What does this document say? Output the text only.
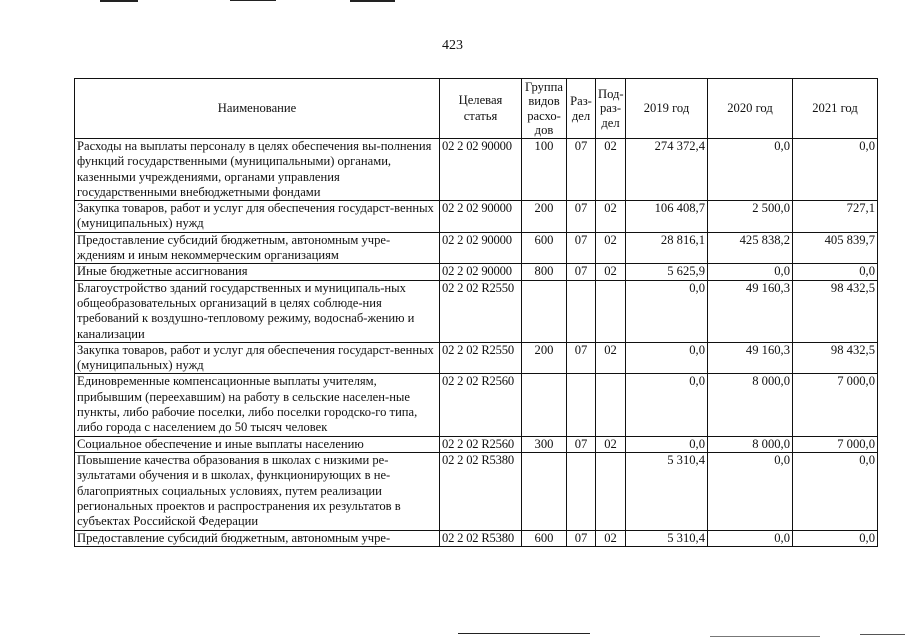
423
Наименование	Целевая статья	Группа видов расхо-дов	Раз-дел	Под-раз-дел	2019 год	2020 год	2021 год
Расходы на выплаты персоналу в целях обеспечения вы-полнения функций государственными (муниципальными) органами, казенными учреждениями, органами управления государственными внебюджетными фондами	02 2 02 90000	100	07	02	274 372,4	0,0	0,0
Закупка товаров, работ и услуг для обеспечения государст-венных (муниципальных) нужд	02 2 02 90000	200	07	02	106 408,7	2 500,0	727,1
Предоставление субсидий бюджетным, автономным учре-ждениям и иным некоммерческим организациям	02 2 02 90000	600	07	02	28 816,1	425 838,2	405 839,7
Иные бюджетные ассигнования	02 2 02 90000	800	07	02	5 625,9	0,0	0,0
Благоустройство зданий государственных и муниципаль-ных общеобразовательных организаций в целях соблюде-ния требований к воздушно-тепловому режиму, водоснаб-жению и канализации	02 2 02 R2550				0,0	49 160,3	98 432,5
Закупка товаров, работ и услуг для обеспечения государст-венных (муниципальных) нужд	02 2 02 R2550	200	07	02	0,0	49 160,3	98 432,5
Единовременные компенсационные выплаты учителям, прибывшим (переехавшим) на работу в сельские населен-ные пункты, либо рабочие поселки, либо поселки городско-го типа, либо города с населением до 50 тысяч человек	02 2 02 R2560				0,0	8 000,0	7 000,0
Социальное обеспечение и иные выплаты населению	02 2 02 R2560	300	07	02	0,0	8 000,0	7 000,0
Повышение качества образования в школах с низкими ре-зультатами обучения и в школах, функционирующих в не-благоприятных социальных условиях, путем реализации региональных проектов и распространения их результатов в субъектах Российской Федерации	02 2 02 R5380				5 310,4	0,0	0,0
Предоставление субсидий бюджетным, автономным учре-	02 2 02 R5380	600	07	02	5 310,4	0,0	0,0
